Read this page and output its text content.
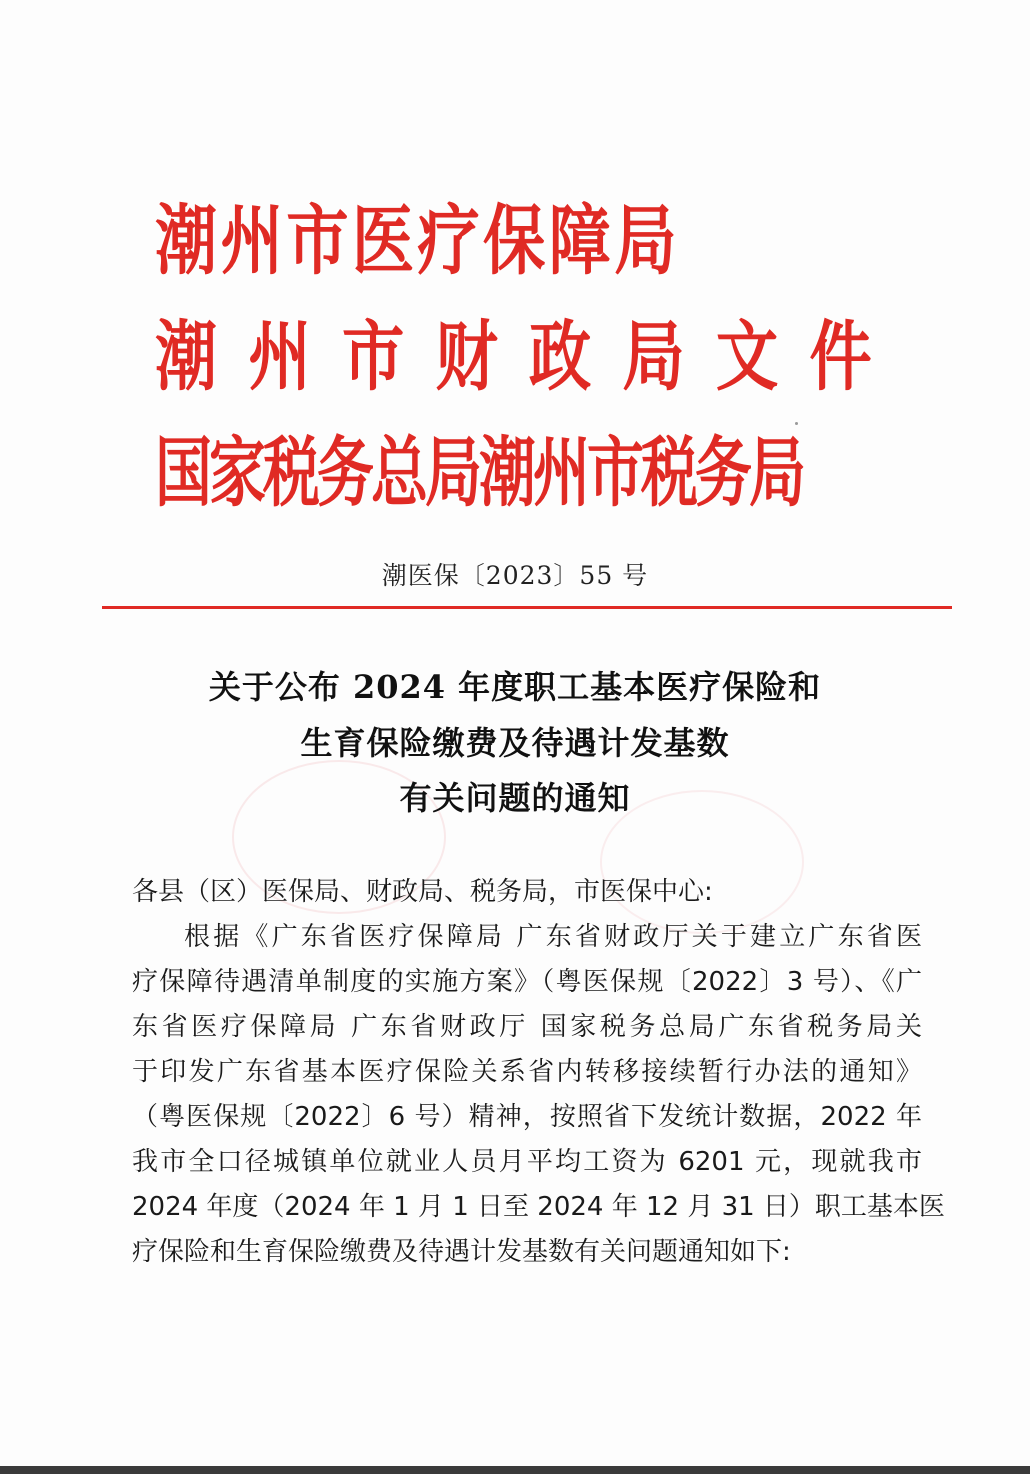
潮州市医疗保障局
潮州市财政局文件
国家税务总局潮州市税务局
潮医保〔2023〕55 号
关于公布 2024 年度职工基本医疗保险和
生育保险缴费及待遇计发基数
有关问题的通知
各县（区）医保局、财政局、税务局，市医保中心:
根据《广东省医疗保障局 广东省财政厅关于建立广东省医
疗保障待遇清单制度的实施方案》（粤医保规〔2022〕3 号）、《广
东省医疗保障局 广东省财政厅 国家税务总局广东省税务局关
于印发广东省基本医疗保险关系省内转移接续暂行办法的通知》
（粤医保规〔2022〕6 号）精神，按照省下发统计数据，2022 年
我市全口径城镇单位就业人员月平均工资为 6201 元，现就我市
2024 年度（2024 年 1 月 1 日至 2024 年 12 月 31 日）职工基本医
疗保险和生育保险缴费及待遇计发基数有关问题通知如下:
